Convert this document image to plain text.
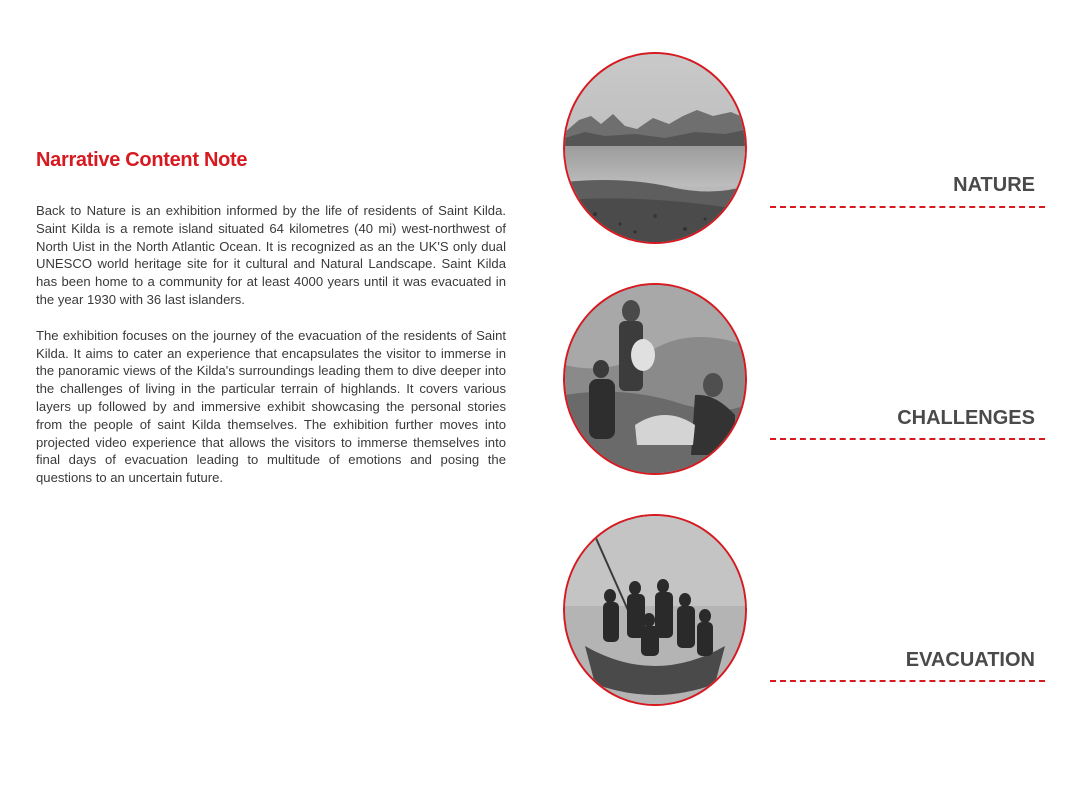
Narrative Content Note

Back to Nature is an exhibition informed by the life of residents of Saint Kilda. Saint Kilda is a remote island situated 64 kilometres (40 mi) west-northwest of North Uist in the North Atlantic Ocean. It is recognized as an the UK'S only dual UNESCO world heritage site for it cultural and Natural Landscape. Saint Kilda has been home to a community for at least 4000 years until it was evacuated in the year 1930 with 36 last islanders.

The exhibition focuses on the journey of the evacuation of the residents of Saint Kilda. It aims to cater an experience that encapsulates the visitor to immerse in the panoramic views of the Kilda's surroundings leading them to dive deeper into the challenges of living in the particular terrain of highlands. It covers various layers up followed by and immersive exhibit showcasing the personal stories from the people of saint Kilda themselves. The exhibition further moves into projected video experience that allows the visitors to immerse themselves into final days of evacuation leading to multitude of emotions and posing the questions to an uncertain future.

NATURE
CHALLENGES
EVACUATION
